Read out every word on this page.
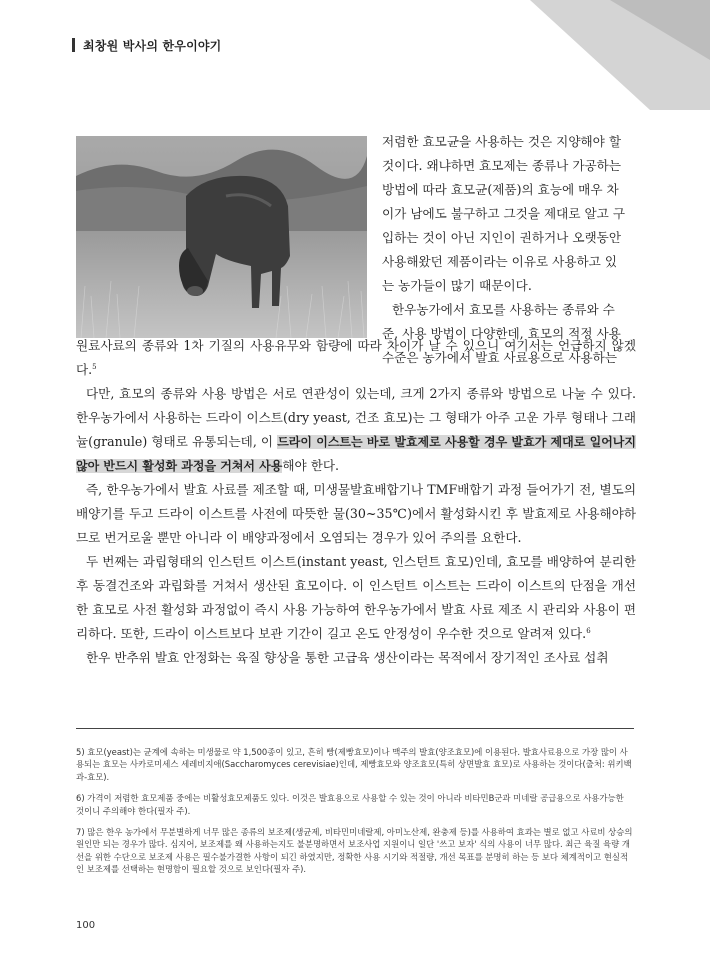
최창원 박사의 한우이야기

저렴한 효모균을 사용하는 것은 지양해야 할

것이다. 왜냐하면 효모제는 종류나 가공하는

방법에 따라 효모균(제품)의 효능에 매우 차

이가 남에도 불구하고 그것을 제대로 알고 구

입하는 것이 아닌 지인이 권하거나 오랫동안

사용해왔던 제품이라는 이유로 사용하고 있

는 농가들이 많기 때문이다.

한우농가에서 효모를 사용하는 종류와 수

준, 사용 방법이 다양한데, 효모의 적정 사용

수준은 농가에서 발효 사료용으로 사용하는

원료사료의 종류와 1차 기질의 사용유무와 함량에 따라 차이가 날 수 있으니 여기서는 언급하지 않겠다.$^5$

다만, 효모의 종류와 사용 방법은 서로 연관성이 있는데, 크게 2가지 종류와 방법으로 나눌 수 있다. 한우농가에서 사용하는 드라이 이스트(dry yeast, 건조 효모)는 그 형태가 아주 고운 가루 형태나 그래뉼(granule) 형태로 유통되는데, 이 드라이 이스트는 바로 발효제로 사용할 경우 발효가 제대로 일어나지 않아 반드시 활성화 과정을 거쳐서 사용해야 한다.

즉, 한우농가에서 발효 사료를 제조할 때, 미생물발효배합기나 TMF배합기 과정 들어가기 전, 별도의 배양기를 두고 드라이 이스트를 사전에 따뜻한 물(30~35℃)에서 활성화시킨 후 발효제로 사용해야하므로 번거로울 뿐만 아니라 이 배양과정에서 오염되는 경우가 있어 주의를 요한다.

두 번째는 과립형태의 인스턴트 이스트(instant yeast, 인스턴트 효모)인데, 효모를 배양하여 분리한 후 동결건조와 과립화를 거쳐서 생산된 효모이다. 이 인스턴트 이스트는 드라이 이스트의 단점을 개선한 효모로 사전 활성화 과정없이 즉시 사용 가능하여 한우농가에서 발효 사료 제조 시 관리와 사용이 편리하다. 또한, 드라이 이스트보다 보관 기간이 길고 온도 안정성이 우수한 것으로 알려져 있다.$^6$

한우 반추위 발효 안정화는 육질 향상을 통한 고급육 생산이라는 목적에서 장기적인 조사료 섭취

5) 효모(yeast)는 균계에 속하는 미생물로 약 1,500종이 있고, 흔히 빵(제빵효모)이나 맥주의 발효(양조효모)에 이용된다. 발효사료용으로 가장 많이 사용되는 효모는 사카로미세스 세레비지애(Saccharomyces cerevisiae)인데, 제빵효모와 양조효모(특히 상면발효 효모)로 사용하는 것이다(출처: 위키백과-효모).

6) 가격이 저렴한 효모제품 중에는 비활성효모제품도 있다. 이것은 발효용으로 사용할 수 있는 것이 아니라 비타민B군과 미네랄 공급용으로 사용가능한 것이니 주의해야 한다(필자 주).

7) 많은 한우 농가에서 무분별하게 너무 많은 종류의 보조제(생균제, 비타민미네랄제, 아미노산제, 완충제 등)를 사용하여 효과는 별로 없고 사료비 상승의 원인만 되는 경우가 많다. 심지어, 보조제를 왜 사용하는지도 불분명하면서 보조사업 지원이니 일단 '쓰고 보자' 식의 사용이 너무 많다. 최근 육질 육량 개선을 위한 수단으로 보조제 사용은 필수불가결한 사항이 되긴 하였지만, 정확한 사용 시기와 적절량, 개선 목표를 분명히 하는 등 보다 체계적이고 현실적인 보조제를 선택하는 현명함이 필요할 것으로 보인다(필자 주).

100
